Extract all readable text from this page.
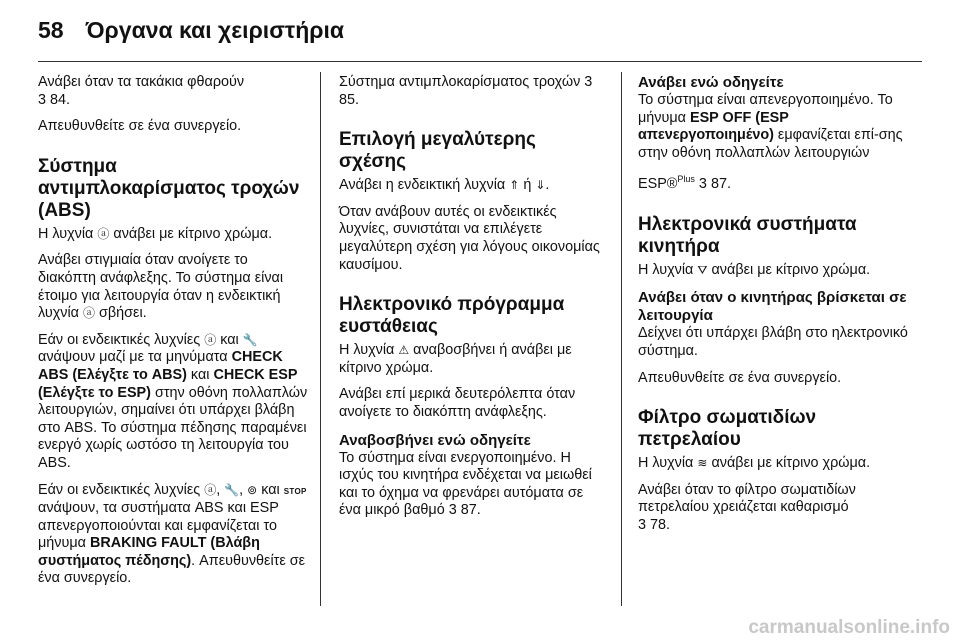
58 Όργανα και χειριστήρια

Ανάβει όταν τα τακάκια φθαρούν
3 84.

Απευθυνθείτε σε ένα συνεργείο.

Σύστημα αντιμπλοκαρίσματος τροχών (ABS)

Η λυχνία ⓐ ανάβει με κίτρινο χρώμα.

Ανάβει στιγμιαία όταν ανοίγετε το διακόπτη ανάφλεξης. Το σύστημα είναι έτοιμο για λειτουργία όταν η ενδεικτική λυχνία ⓐ σβήσει.

Εάν οι ενδεικτικές λυχνίες ⓐ και 🔧 ανάψουν μαζί με τα μηνύματα CHECK ABS (Ελέγξτε το ABS) και CHECK ESP (Ελέγξτε το ESP) στην οθόνη πολλαπλών λειτουργιών, σημαίνει ότι υπάρχει βλάβη στο ABS. Το σύστημα πέδησης παραμένει ενεργό χωρίς ωστόσο τη λειτουργία του ABS.

Εάν οι ενδεικτικές λυχνίες ⓐ, 🔧, ⊚ και STOP ανάψουν, τα συστήματα ABS και ESP απενεργοποιούνται και εμφανίζεται το μήνυμα BRAKING FAULT (Βλάβη συστήματος πέδησης). Απευθυνθείτε σε ένα συνεργείο.

Σύστημα αντιμπλοκαρίσματος τροχών 3 85.

Επιλογή μεγαλύτερης σχέσης

Ανάβει η ενδεικτική λυχνία ⇑ ή ⇓.

Όταν ανάβουν αυτές οι ενδεικτικές λυχνίες, συνιστάται να επιλέγετε μεγαλύτερη σχέση για λόγους οικονομίας καυσίμου.

Ηλεκτρονικό πρόγραμμα ευστάθειας

Η λυχνία ⚠ αναβοσβήνει ή ανάβει με κίτρινο χρώμα.

Ανάβει επί μερικά δευτερόλεπτα όταν ανοίγετε το διακόπτη ανάφλεξης.

Αναβοσβήνει ενώ οδηγείτε

Το σύστημα είναι ενεργοποιημένο. Η ισχύς του κινητήρα ενδέχεται να μειωθεί και το όχημα να φρενάρει αυτόματα σε ένα μικρό βαθμό 3 87.

Ανάβει ενώ οδηγείτε

Το σύστημα είναι απενεργοποιημένο. Το μήνυμα ESP OFF (ESP απενεργοποιημένο) εμφανίζεται επί-σης στην οθόνη πολλαπλών λειτουργιών

ESP®$^{Plus}$ 3 87.

Ηλεκτρονικά συστήματα κινητήρα

Η λυχνία ⛛ ανάβει με κίτρινο χρώμα.

Ανάβει όταν ο κινητήρας βρίσκεται σε λειτουργία

Δείχνει ότι υπάρχει βλάβη στο ηλεκτρονικό σύστημα.

Απευθυνθείτε σε ένα συνεργείο.

Φίλτρο σωματιδίων πετρελαίου

Η λυχνία ≋ ανάβει με κίτρινο χρώμα.

Ανάβει όταν το φίλτρο σωματιδίων πετρελαίου χρειάζεται καθαρισμό
3 78.

carmanualsonline.info
